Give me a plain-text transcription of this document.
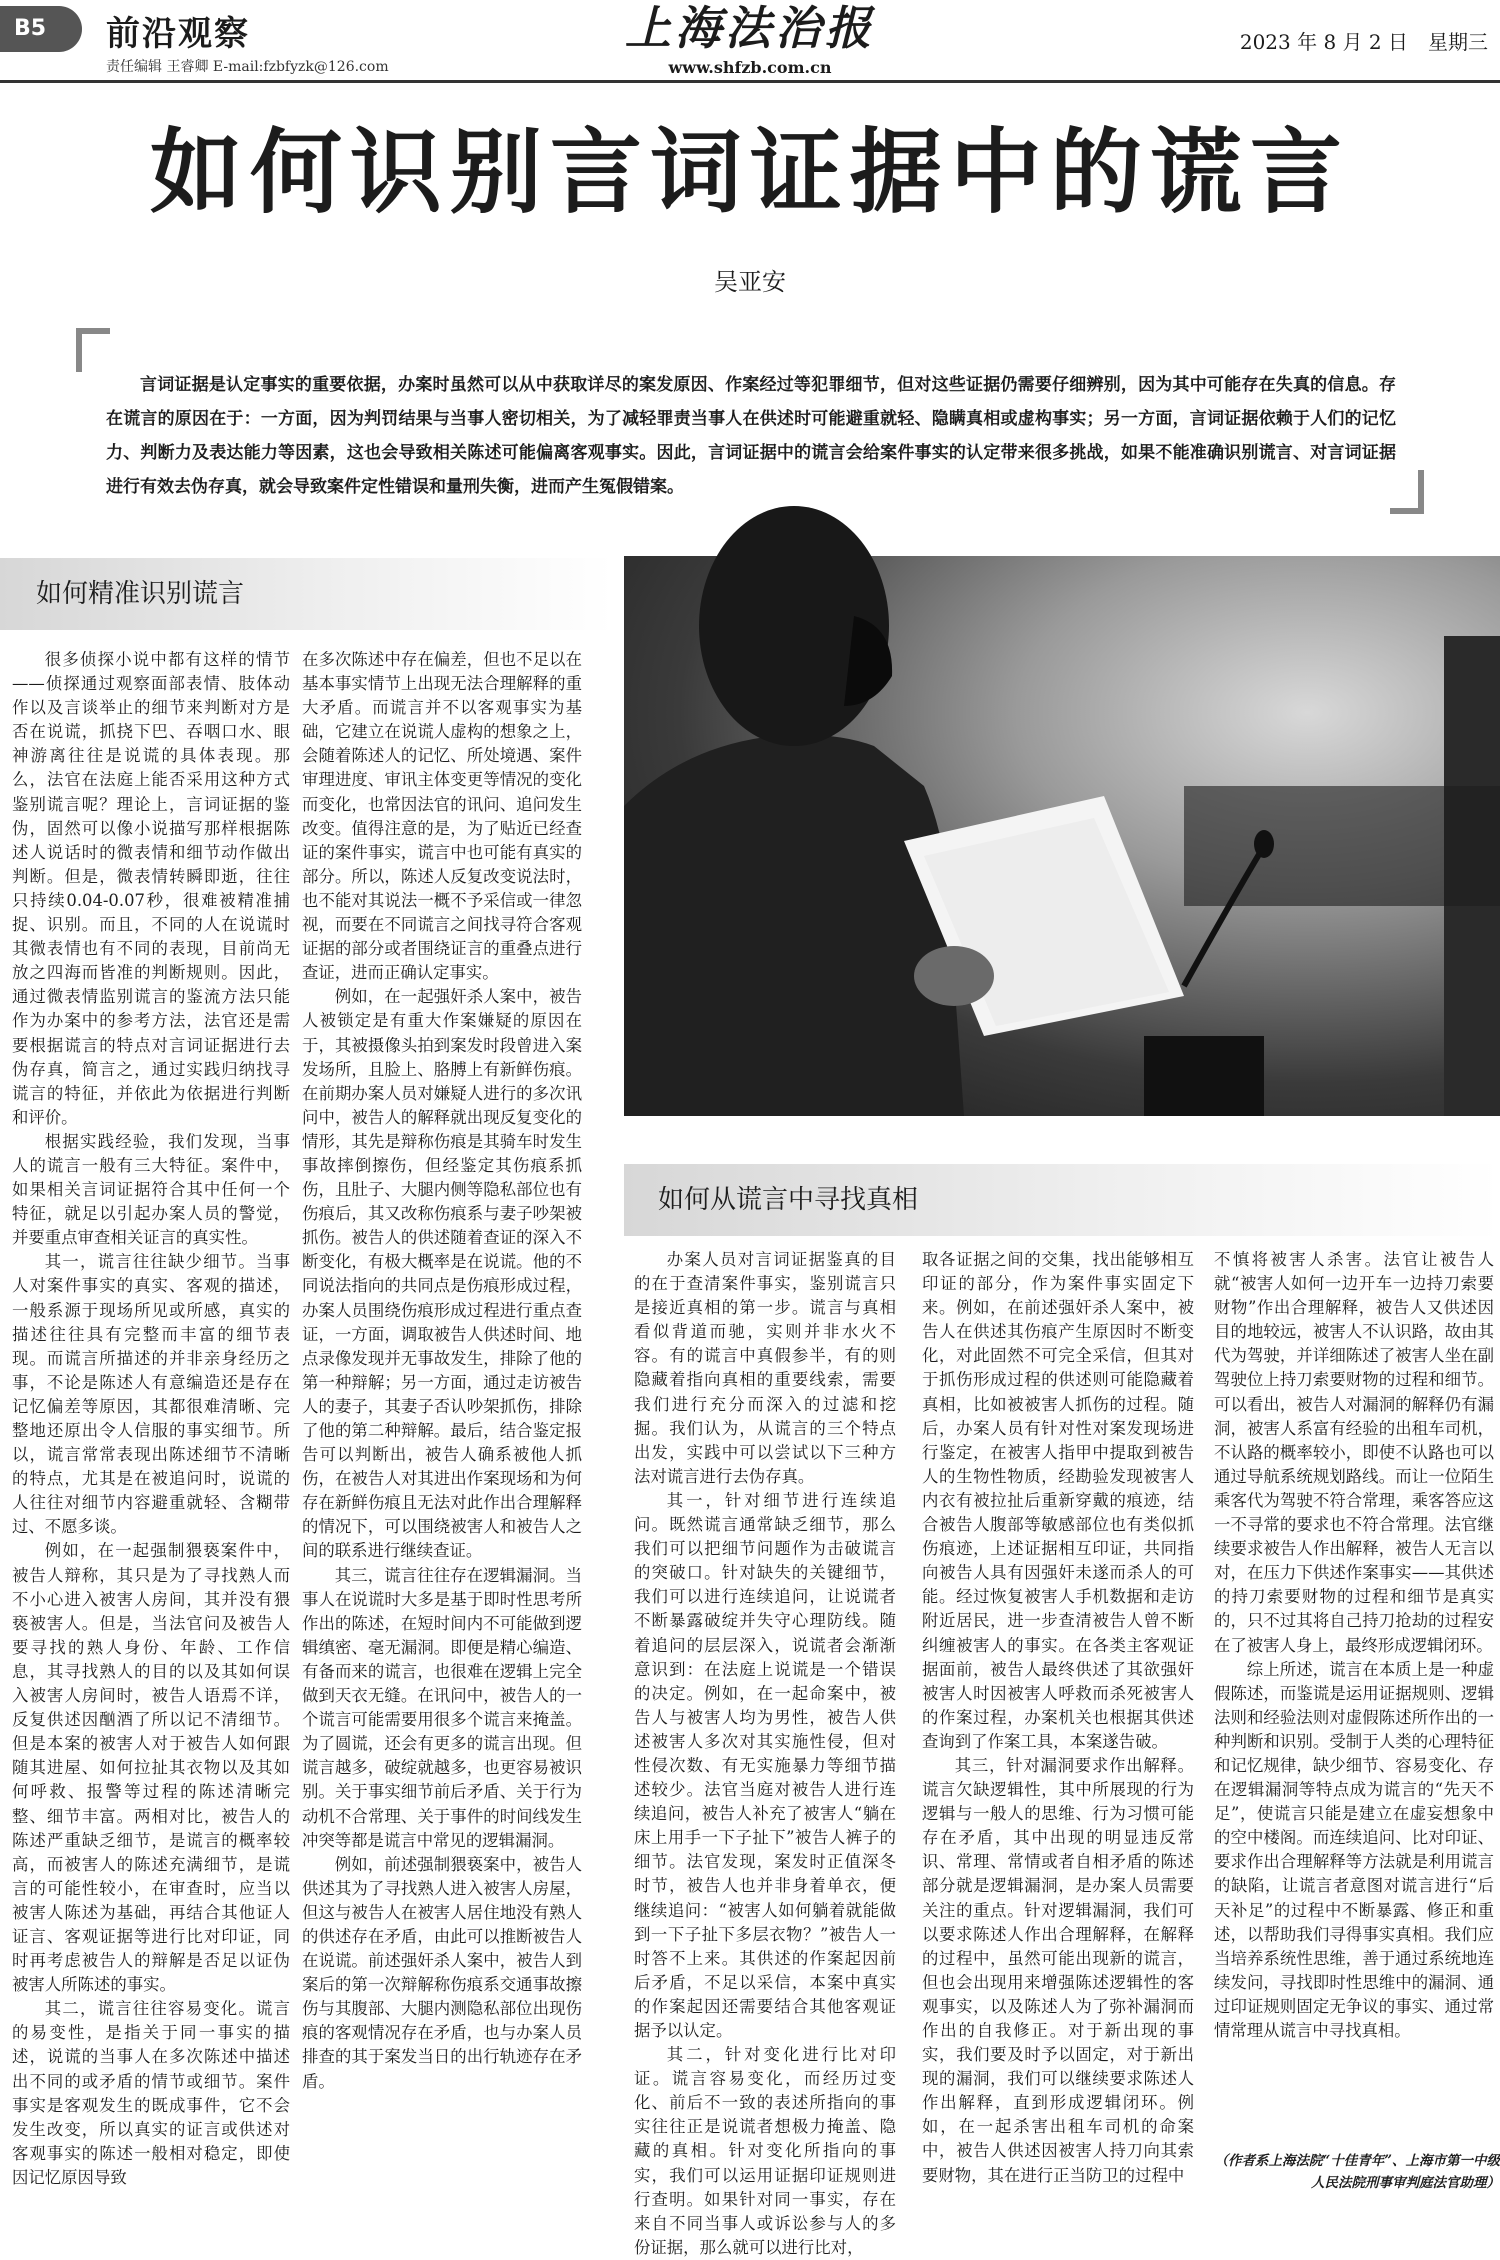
$^{B5}$	前沿观察
责任编辑 王睿卿 E-mail:fzbfyzk@126.com
上海法治报
www.shfzb.com.cn
2023 年 8 月 2 日　星期三
如何识别言词证据中的谎言
吴亚安
言词证据是认定事实的重要依据，办案时虽然可以从中获取详尽的案发原因、作案经过等犯罪细节，但对这些证据仍需要仔细辨别，因为其中可能存在失真的信息。存在谎言的原因在于：一方面，因为判罚结果与当事人密切相关，为了减轻罪责当事人在供述时可能避重就轻、隐瞒真相或虚构事实；另一方面，言词证据依赖于人们的记忆力、判断力及表达能力等因素，这也会导致相关陈述可能偏离客观事实。因此，言词证据中的谎言会给案件事实的认定带来很多挑战，如果不能准确识别谎言、对言词证据进行有效去伪存真，就会导致案件定性错误和量刑失衡，进而产生冤假错案。
如何精准识别谎言
如何从谎言中寻找真相

很多侦探小说中都有这样的情节——侦探通过观察面部表情、肢体动作以及言谈举止的细节来判断对方是否在说谎，抓挠下巴、吞咽口水、眼神游离往往是说谎的具体表现。那么，法官在法庭上能否采用这种方式鉴别谎言呢？理论上，言词证据的鉴伪，固然可以像小说描写那样根据陈述人说话时的微表情和细节动作做出判断。但是，微表情转瞬即逝，往往只持续0.04-0.07秒，很难被精准捕捉、识别。而且，不同的人在说谎时其微表情也有不同的表现，目前尚无放之四海而皆准的判断规则。因此，通过微表情监别谎言的鉴流方法只能作为办案中的参考方法，法官还是需要根据谎言的特点对言词证据进行去伪存真，简言之，通过实践归纳找寻谎言的特征，并依此为依据进行判断和评价。

根据实践经验，我们发现，当事人的谎言一般有三大特征。案件中，如果相关言词证据符合其中任何一个特征，就足以引起办案人员的警觉，并要重点审查相关证言的真实性。

其一，谎言往往缺少细节。当事人对案件事实的真实、客观的描述，一般系源于现场所见或所感，真实的描述往往具有完整而丰富的细节表现。而谎言所描述的并非亲身经历之事，不论是陈述人有意编造还是存在记忆偏差等原因，其都很难清晰、完整地还原出令人信服的事实细节。所以，谎言常常表现出陈述细节不清晰的特点，尤其是在被追问时，说谎的人往往对细节内容避重就轻、含糊带过、不愿多谈。

例如，在一起强制猥亵案件中，被告人辩称，其只是为了寻找熟人而不小心进入被害人房间，其并没有猥亵被害人。但是，当法官问及被告人要寻找的熟人身份、年龄、工作信息，其寻找熟人的目的以及其如何误入被害人房间时，被告人语焉不详，反复供述因酗酒了所以记不清细节。但是本案的被害人对于被告人如何跟随其进屋、如何拉扯其衣物以及其如何呼救、报警等过程的陈述清晰完整、细节丰富。两相对比，被告人的陈述严重缺乏细节，是谎言的概率较高，而被害人的陈述充满细节，是谎言的可能性较小，在审查时，应当以被害人陈述为基础，再结合其他证人证言、客观证据等进行比对印证，同时再考虑被告人的辩解是否足以证伪被害人所陈述的事实。

其二，谎言往往容易变化。谎言的易变性，是指关于同一事实的描述，说谎的当事人在多次陈述中描述出不同的或矛盾的情节或细节。案件事实是客观发生的既成事件，它不会发生改变，所以真实的证言或供述对客观事实的陈述一般相对稳定，即使因记忆原因导致

在多次陈述中存在偏差，但也不足以在基本事实情节上出现无法合理解释的重大矛盾。而谎言并不以客观事实为基础，它建立在说谎人虚构的想象之上，会随着陈述人的记忆、所处境遇、案件审理进度、审讯主体变更等情况的变化而变化，也常因法官的讯问、追问发生改变。值得注意的是，为了贴近已经查证的案件事实，谎言中也可能有真实的部分。所以，陈述人反复改变说法时，也不能对其说法一概不予采信或一律忽视，而要在不同谎言之间找寻符合客观证据的部分或者围绕证言的重叠点进行查证，进而正确认定事实。

例如，在一起强奸杀人案中，被告人被锁定是有重大作案嫌疑的原因在于，其被摄像头拍到案发时段曾进入案发场所，且脸上、胳膊上有新鲜伤痕。在前期办案人员对嫌疑人进行的多次讯问中，被告人的解释就出现反复变化的情形，其先是辩称伤痕是其骑车时发生事故摔倒擦伤，但经鉴定其伤痕系抓伤，且肚子、大腿内侧等隐私部位也有伤痕后，其又改称伤痕系与妻子吵架被抓伤。被告人的供述随着查证的深入不断变化，有极大概率是在说谎。他的不同说法指向的共同点是伤痕形成过程，办案人员围绕伤痕形成过程进行重点查证，一方面，调取被告人供述时间、地点录像发现并无事故发生，排除了他的第一种辩解；另一方面，通过走访被告人的妻子，其妻子否认吵架抓伤，排除了他的第二种辩解。最后，结合鉴定报告可以判断出，被告人确系被他人抓伤，在被告人对其进出作案现场和为何存在新鲜伤痕且无法对此作出合理解释的情况下，可以围绕被害人和被告人之间的联系进行继续查证。

其三，谎言往往存在逻辑漏洞。当事人在说谎时大多是基于即时性思考所作出的陈述，在短时间内不可能做到逻辑缜密、毫无漏洞。即便是精心编造、有备而来的谎言，也很难在逻辑上完全做到天衣无缝。在讯问中，被告人的一个谎言可能需要用很多个谎言来掩盖。为了圆谎，还会有更多的谎言出现。但谎言越多，破绽就越多，也更容易被识别。关于事实细节前后矛盾、关于行为动机不合常理、关于事件的时间线发生冲突等都是谎言中常见的逻辑漏洞。

例如，前述强制猥亵案中，被告人供述其为了寻找熟人进入被害人房屋，但这与被告人在被害人居住地没有熟人的供述存在矛盾，由此可以推断被告人在说谎。前述强奸杀人案中，被告人到案后的第一次辩解称伤痕系交通事故擦伤与其腹部、大腿内测隐私部位出现伤痕的客观情况存在矛盾，也与办案人员排查的其于案发当日的出行轨迹存在矛盾。

办案人员对言词证据鉴真的目的在于查清案件事实，鉴别谎言只是接近真相的第一步。谎言与真相看似背道而驰，实则并非水火不容。有的谎言中真假参半，有的则隐藏着指向真相的重要线索，需要我们进行充分而深入的过滤和挖掘。我们认为，从谎言的三个特点出发，实践中可以尝试以下三种方法对谎言进行去伪存真。

其一，针对细节进行连续追问。既然谎言通常缺乏细节，那么我们可以把细节问题作为击破谎言的突破口。针对缺失的关键细节，我们可以进行连续追问，让说谎者不断暴露破绽并失守心理防线。随着追问的层层深入，说谎者会渐渐意识到：在法庭上说谎是一个错误的决定。例如，在一起命案中，被告人与被害人均为男性，被告人供述被害人多次对其实施性侵，但对性侵次数、有无实施暴力等细节描述较少。法官当庭对被告人进行连续追问，被告人补充了被害人“躺在床上用手一下子扯下”被告人裤子的细节。法官发现，案发时正值深冬时节，被告人也并非身着单衣，便继续追问：“被害人如何躺着就能做到一下子扯下多层衣物？”被告人一时答不上来。其供述的作案起因前后矛盾，不足以采信，本案中真实的作案起因还需要结合其他客观证据予以认定。

其二，针对变化进行比对印证。谎言容易变化，而经历过变化、前后不一致的表述所指向的事实往往正是说谎者想极力掩盖、隐藏的真相。针对变化所指向的事实，我们可以运用证据印证规则进行查明。如果针对同一事实，存在来自不同当事人或诉讼参与人的多份证据，那么就可以进行比对，

取各证据之间的交集，找出能够相互印证的部分，作为案件事实固定下来。例如，在前述强奸杀人案中，被告人在供述其伤痕产生原因时不断变化，对此固然不可完全采信，但其对于抓伤形成过程的供述则可能隐藏着真相，比如被被害人抓伤的过程。随后，办案人员有针对性对案发现场进行鉴定，在被害人指甲中提取到被告人的生物性物质，经勘验发现被害人内衣有被拉扯后重新穿戴的痕迹，结合被告人腹部等敏感部位也有类似抓伤痕迹，上述证据相互印证，共同指向被告人具有因强奸未遂而杀人的可能。经过恢复被害人手机数据和走访附近居民，进一步查清被告人曾不断纠缠被害人的事实。在各类主客观证据面前，被告人最终供述了其欲强奸被害人时因被害人呼救而杀死被害人的作案过程，办案机关也根据其供述查询到了作案工具，本案遂告破。

其三，针对漏洞要求作出解释。谎言欠缺逻辑性，其中所展现的行为逻辑与一般人的思维、行为习惯可能存在矛盾，其中出现的明显违反常识、常理、常情或者自相矛盾的陈述部分就是逻辑漏洞，是办案人员需要关注的重点。针对逻辑漏洞，我们可以要求陈述人作出合理解释，在解释的过程中，虽然可能出现新的谎言，但也会出现用来增强陈述逻辑性的客观事实，以及陈述人为了弥补漏洞而作出的自我修正。对于新出现的事实，我们要及时予以固定，对于新出现的漏洞，我们可以继续要求陈述人作出解释，直到形成逻辑闭环。例如，在一起杀害出租车司机的命案中，被告人供述因被害人持刀向其索要财物，其在进行正当防卫的过程中

不慎将被害人杀害。法官让被告人就“被害人如何一边开车一边持刀索要财物”作出合理解释，被告人又供述因目的地较远，被害人不认识路，故由其代为驾驶，并详细陈述了被害人坐在副驾驶位上持刀索要财物的过程和细节。可以看出，被告人对漏洞的解释仍有漏洞，被害人系富有经验的出租车司机，不认路的概率较小，即使不认路也可以通过导航系统规划路线。而让一位陌生乘客代为驾驶不符合常理，乘客答应这一不寻常的要求也不符合常理。法官继续要求被告人作出解释，被告人无言以对，在压力下供述作案事实——其供述的持刀索要财物的过程和细节是真实的，只不过其将自己持刀抢劫的过程安在了被害人身上，最终形成逻辑闭环。

综上所述，谎言在本质上是一种虚假陈述，而鉴谎是运用证据规则、逻辑法则和经验法则对虚假陈述所作出的一种判断和识别。受制于人类的心理特征和记忆规律，缺少细节、容易变化、存在逻辑漏洞等特点成为谎言的“先天不足”，使谎言只能是建立在虚妄想象中的空中楼阁。而连续追问、比对印证、要求作出合理解释等方法就是利用谎言的缺陷，让谎言者意图对谎言进行“后天补足”的过程中不断暴露、修正和重述，以帮助我们寻得事实真相。我们应当培养系统性思维，善于通过系统地连续发问，寻找即时性思维中的漏洞、通过印证规则固定无争议的事实、通过常情常理从谎言中寻找真相。

（作者系上海法院“十佳青年”、上海市第一中级人民法院刑事审判庭法官助理）
